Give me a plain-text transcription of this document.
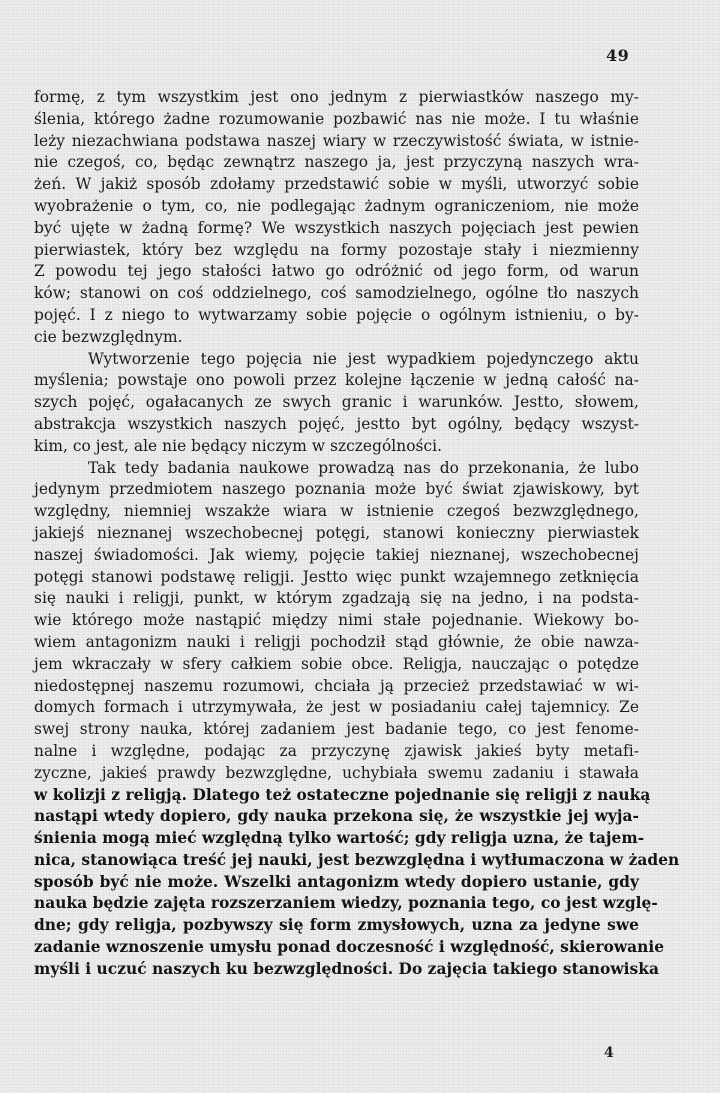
49
formę, z tym wszystkim jest ono jednym z pierwiastków naszego my-
ślenia, którego żadne rozumowanie pozbawić nas nie może. I tu właśnie
leży niezachwiana podstawa naszej wiary w rzeczywistość świata, w istnie-
nie czegoś, co, będąc zewnątrz naszego ja, jest przyczyną naszych wra-
żeń. W jakiż sposób zdołamy przedstawić sobie w myśli, utworzyć sobie
wyobrażenie o tym, co, nie podlegając żadnym ograniczeniom, nie może
być ujęte w żadną formę? We wszystkich naszych pojęciach jest pewien
pierwiastek, który bez względu na formy pozostaje stały i niezmienny
Z powodu tej jego stałości łatwo go odróżnić od jego form, od warun
ków; stanowi on coś oddzielnego, coś samodzielnego, ogólne tło naszych
pojęć. I z niego to wytwarzamy sobie pojęcie o ogólnym istnieniu, o by-
cie bezwzględnym.
Wytworzenie tego pojęcia nie jest wypadkiem pojedynczego aktu
myślenia; powstaje ono powoli przez kolejne łączenie w jedną całość na-
szych pojęć, ogałacanych ze swych granic i warunków. Jestto, słowem,
abstrakcja wszystkich naszych pojęć, jestto byt ogólny, będący wszyst-
kim, co jest, ale nie będący niczym w szczególności.
Tak tedy badania naukowe prowadzą nas do przekonania, że lubo
jedynym przedmiotem naszego poznania może być świat zjawiskowy, byt
względny, niemniej wszakże wiara w istnienie czegoś bezwzględnego,
jakiejś nieznanej wszechobecnej potęgi, stanowi konieczny pierwiastek
naszej świadomości. Jak wiemy, pojęcie takiej nieznanej, wszechobecnej
potęgi stanowi podstawę religji. Jestto więc punkt wzajemnego zetknięcia
się nauki i religji, punkt, w którym zgadzają się na jedno, i na podsta-
wie którego może nastąpić między nimi stałe pojednanie. Wiekowy bo-
wiem antagonizm nauki i religji pochodził stąd głównie, że obie nawza-
jem wkraczały w sfery całkiem sobie obce. Religja, nauczając o potędze
niedostępnej naszemu rozumowi, chciała ją przecież przedstawiać w wi-
domych formach i utrzymywała, że jest w posiadaniu całej tajemnicy. Ze
swej strony nauka, której zadaniem jest badanie tego, co jest fenome-
nalne i względne, podając za przyczynę zjawisk jakieś byty metafi-
zyczne, jakieś prawdy bezwzględne, uchybiała swemu zadaniu i stawała
w kolizji z religją. Dlatego też ostateczne pojednanie się religji z nauką
nastąpi wtedy dopiero, gdy nauka przekona się, że wszystkie jej wyja-
śnienia mogą mieć względną tylko wartość; gdy religja uzna, że tajem-
nica, stanowiąca treść jej nauki, jest bezwzględna i wytłumaczona w żaden
sposób być nie może. Wszelki antagonizm wtedy dopiero ustanie, gdy
nauka będzie zajęta rozszerzaniem wiedzy, poznania tego, co jest wzglę-
dne; gdy religja, pozbywszy się form zmysłowych, uzna za jedyne swe
zadanie wznoszenie umysłu ponad doczesność i względność, skierowanie
myśli i uczuć naszych ku bezwzględności. Do zajęcia takiego stanowiska
4
